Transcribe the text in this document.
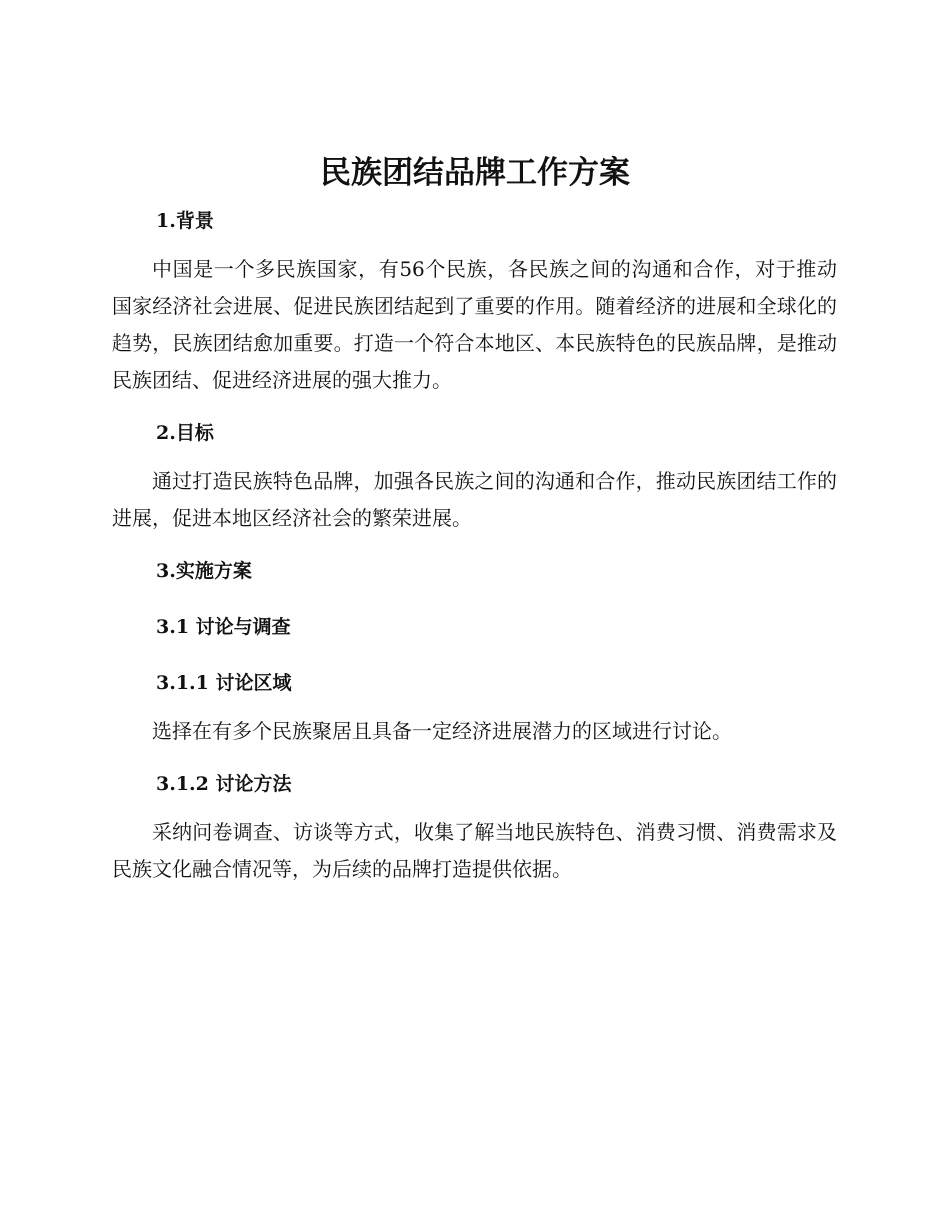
民族团结品牌工作方案
1.背景

中国是一个多民族国家，有56个民族，各民族之间的沟通和合作，对于推动国家经济社会进展、促进民族团结起到了重要的作用。随着经济的进展和全球化的趋势，民族团结愈加重要。打造一个符合本地区、本民族特色的民族品牌，是推动民族团结、促进经济进展的强大推力。

2.目标

通过打造民族特色品牌，加强各民族之间的沟通和合作，推动民族团结工作的进展，促进本地区经济社会的繁荣进展。

3.实施方案
3.1 讨论与调查
3.1.1 讨论区域

选择在有多个民族聚居且具备一定经济进展潜力的区域进行讨论。

3.1.2 讨论方法

采纳问卷调查、访谈等方式，收集了解当地民族特色、消费习惯、消费需求及民族文化融合情况等，为后续的品牌打造提供依据。
